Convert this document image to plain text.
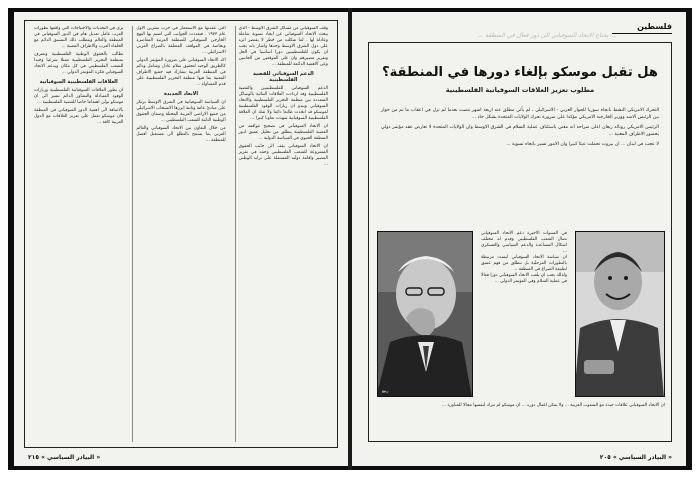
وقف السوفياتي من مسائل الشرق الاوسط - الذي يبحث الاتحاد السوفياتي عن ايجاد تسوية شاملة وعادلة لها . لما شكلت من خطر لا يقتصر اثره على دول الشرق الاوسط وحدها واشار بانه يجب ان يكون للفلسطينيين دورا اساسيا في الحل وتقرير مصيرهم وان على الموقعين من الجانبين وعي الاهمية الدائمة للمنطقة ...
الدعم السوفياتي للقضية الفلسطينية
الدعم السوفياتي للفلسطينيين والقضية الفلسطينية وقد ازدادت العلاقات الثنائية بالوسائل المتعددة بين منظمة التحرير الفلسطينية والاتحاد السوفياتي ويبدو ان زيارات الوفود الفلسطينية لموسكو قد اتخذت طابعا دائما ولا شك ان العلاقة الفلسطينية السوفياتية شهدت تعاونا كبيرا ...
ان الاتحاد السوفياتي في تصحيح مواقفه من القضية الفلسطينية ينطلق من تحليل عميق لدور المنطقة الحيوي في السياسة الدولية ...
ان الاتحاد السوفياتي يقف الى جانب الحقوق المشروعة للشعب الفلسطيني وحقه في تقرير المصير واقامة دولته المستقلة على ترابه الوطني ...
التي عقدتها مع الاستعمار في حرب تشرين الاول عام ١٩٧٣ . فتعددت الجوانب التي اتسم بها النهج الخارجي السوفياتي للمنطقة العربية المعاصرة وبخاصة في المواقف المتعلقة بالصراع العربي الاسرائيلي ...
اكد الاتحاد السوفياتي على ضرورة المؤتمر الدولي كالطريق الوحيد لتحقيق سلام عادل وشامل ودائم في المنطقة العربية تشارك فيه جميع الاطراف المعنية بما فيها منظمة التحرير الفلسطينية على قدم المساواة ...
الابعاد الجديدة
ان السياسة السوفياتية في الشرق الاوسط ترتكز على مبادئ عامة وثابتة ابرزها الانسحاب الاسرائيلي من جميع الاراضي العربية المحتلة وضمان الحقوق الوطنية الثابتة للشعب الفلسطيني ...
من خلال التعاون بين الاتحاد السوفياتي والعالم العربي بما يسمح بالتطلع الى مستقبل افضل للمنطقة ...
يرى في التحديات والاحتياجات التي واقعها تطورات العرب عامل تعديل هام في الدور السوفياتي في المنطقة والعالم ويتطلب ذلك التنسيق الدائم مع الحلفاء العرب والاطراف المعنية ...
تطالب بالحقوق الوطنية الفلسطينية وتعترف بمنظمة التحرير الفلسطينية ممثلا شرعيا وحيدا للشعب الفلسطيني في كل مكان ويدعم الاتحاد السوفياتي فكرة المؤتمر الدولي ...
العلاقات الفلسطينية السوفياتية
ان تطور العلاقات السوفياتية الفلسطينية وزيارات الوفود المتبادلة والتشاور الدائم تشير الى ان موسكو تولي اهتماما خاصا للقضية الفلسطينية ...
بالاضافة الى اهمية الدور السوفياتي في المنطقة فان موسكو تعمل على تعزيز العلاقات مع الدول العربية كافة ...
« البيادر السياسي » ٢١٥
فلسطين
... يحتاج الاتحاد السوفياتي الى دور فعال في المنطقة ...
هل تقبل موسكو بإلغاء دورها في المنطقة؟
مطلوب تعزيز العلاقات السوفياتية الفلسطينية

التحرك الامريكي النشط باتجاه سوريا للحوار العربي - الاسرائيلي ، لم يأتي مطلق عنه اربعة اشهر مضت بعدما لم تزل في اعقاب ما تم من حوار بين الرئيس الاسد ووزير الخارجية الامريكي مؤكدا على ضرورة تحرك الولايات المتحدة بشكل جاد ...

الرئيس الامريكي رونالد ريغان اعلن صراحة انه معني باستئناف عملية السلام في الشرق الاوسط وان الولايات المتحدة لا تعارض عقد مؤتمر دولي بحضور الاطراف المعنية ...

لا عجب في لبنان ... ان بيروت تحملت عبئا كبيرا وان الامور تسير باتجاه تسوية ...

ربيع

في السنوات الاخيرة دعم الاتحاد السوفياتي نضال الشعب الفلسطيني وقدم له مختلف اشكال المساعدة والدعم السياسي والعسكري ...

ان سياسة الاتحاد السوفياتي ليست مرتبطة بالتطورات المرحلية بل تنطلق من فهم عميق لطبيعة الصراع في المنطقة ...

ولذلك يجب ان يلعب الاتحاد السوفياتي دورا فعالا في عملية السلام وفي المؤتمر الدولي ...

ان الاتحاد السوفياتي علاقات جيدة مع الشعوب العربية ... ولا يمكن اغفال دوره ... ان موسكو لم تترك لنفسها مجالا للمناورة ...
« البيادر السياسي » ٢٠٥
